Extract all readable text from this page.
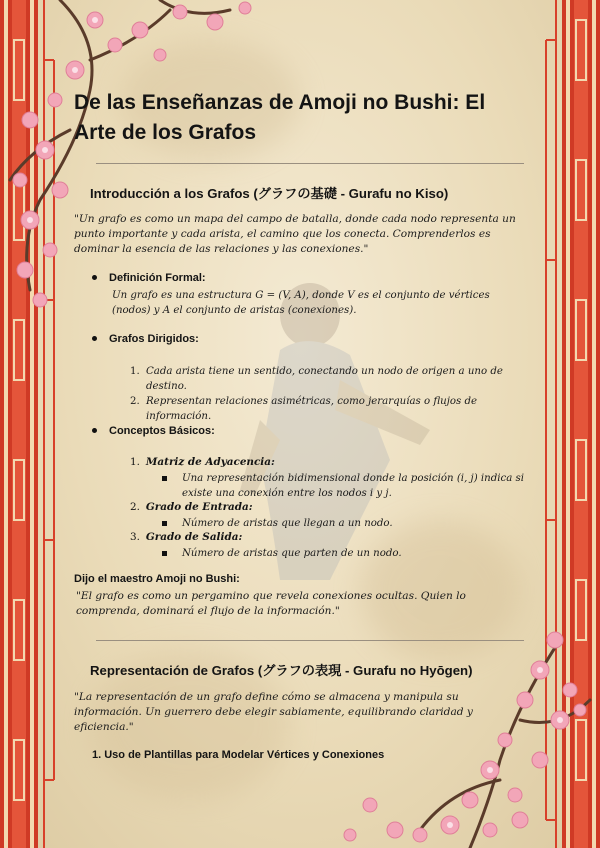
De las Enseñanzas de Amoji no Bushi: El Arte de los Grafos
Introducción a los Grafos (グラフの基礎 - Gurafu no Kiso)

"Un grafo es como un mapa del campo de batalla, donde cada nodo representa un punto importante y cada arista, el camino que los conecta. Comprenderlos es dominar la esencia de las relaciones y las conexiones."

Definición Formal:

Un grafo es una estructura G = (V, A), donde V es el conjunto de vértices (nodos) y A el conjunto de aristas (conexiones).

Grafos Dirigidos:

1. Cada arista tiene un sentido, conectando un nodo de origen a uno de destino.

2. Representan relaciones asimétricas, como jerarquías o flujos de información.

Conceptos Básicos:
1. Matriz de Adyacencia:

Una representación bidimensional donde la posición (i, j) indica si existe una conexión entre los nodos i y j.

2. Grado de Entrada:

Número de aristas que llegan a un nodo.

3. Grado de Salida:

Número de aristas que parten de un nodo.

Dijo el maestro Amoji no Bushi:

"El grafo es como un pergamino que revela conexiones ocultas. Quien lo comprenda, dominará el flujo de la información."

Representación de Grafos (グラフの表現 - Gurafu no Hyōgen)

"La representación de un grafo define cómo se almacena y manipula su información. Un guerrero debe elegir sabiamente, equilibrando claridad y eficiencia."

1. Uso de Plantillas para Modelar Vértices y Conexiones
